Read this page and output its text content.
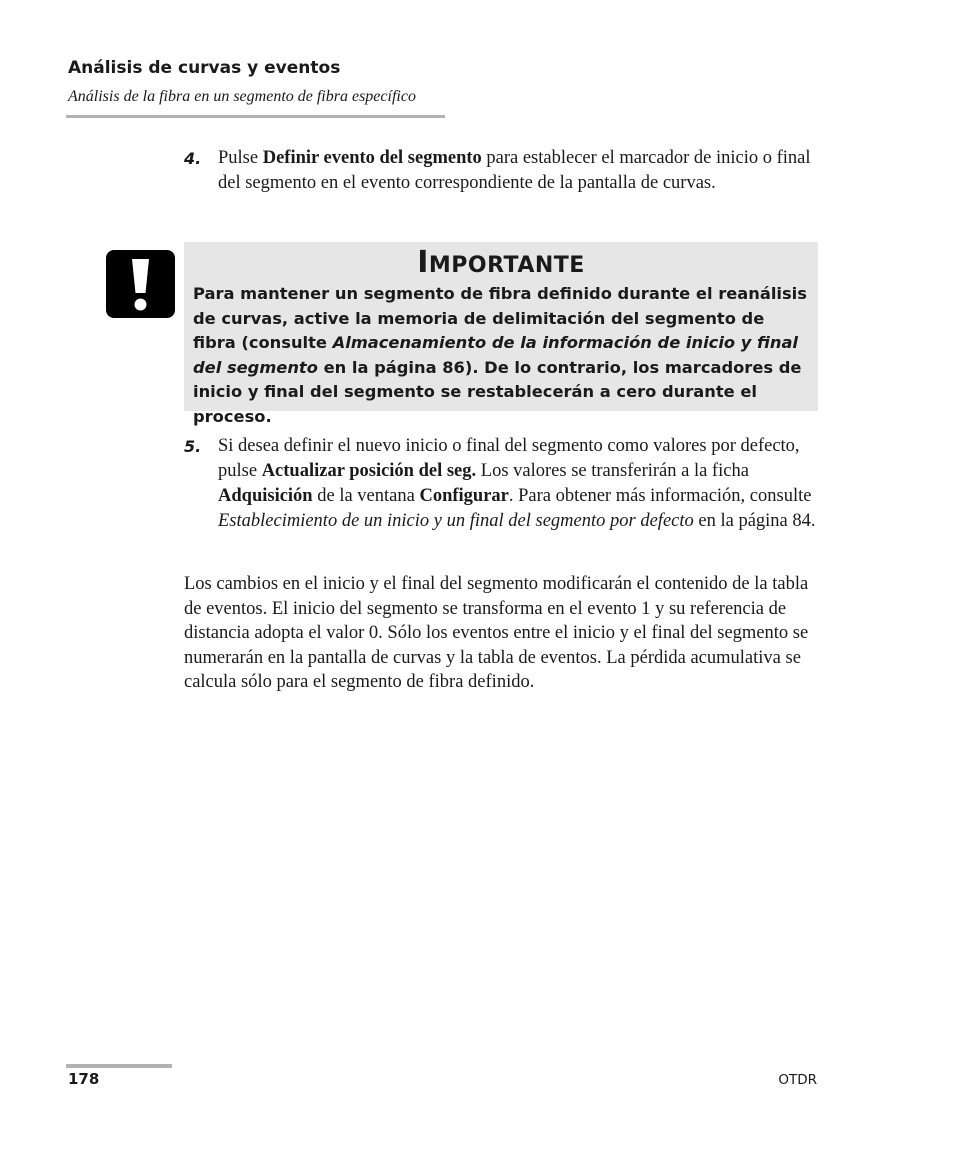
Análisis de curvas y eventos
Análisis de la fibra en un segmento de fibra específico
4. Pulse Definir evento del segmento para establecer el marcador de inicio o final del segmento en el evento correspondiente de la pantalla de curvas.
IMPORTANTE
Para mantener un segmento de fibra definido durante el reanálisis de curvas, active la memoria de delimitación del segmento de fibra (consulte Almacenamiento de la información de inicio y final del segmento en la página 86). De lo contrario, los marcadores de inicio y final del segmento se restablecerán a cero durante el proceso.
5. Si desea definir el nuevo inicio o final del segmento como valores por defecto, pulse Actualizar posición del seg. Los valores se transferirán a la ficha Adquisición de la ventana Configurar. Para obtener más información, consulte Establecimiento de un inicio y un final del segmento por defecto en la página 84.
Los cambios en el inicio y el final del segmento modificarán el contenido de la tabla de eventos. El inicio del segmento se transforma en el evento 1 y su referencia de distancia adopta el valor 0. Sólo los eventos entre el inicio y el final del segmento se numerarán en la pantalla de curvas y la tabla de eventos. La pérdida acumulativa se calcula sólo para el segmento de fibra definido.
178	OTDR
